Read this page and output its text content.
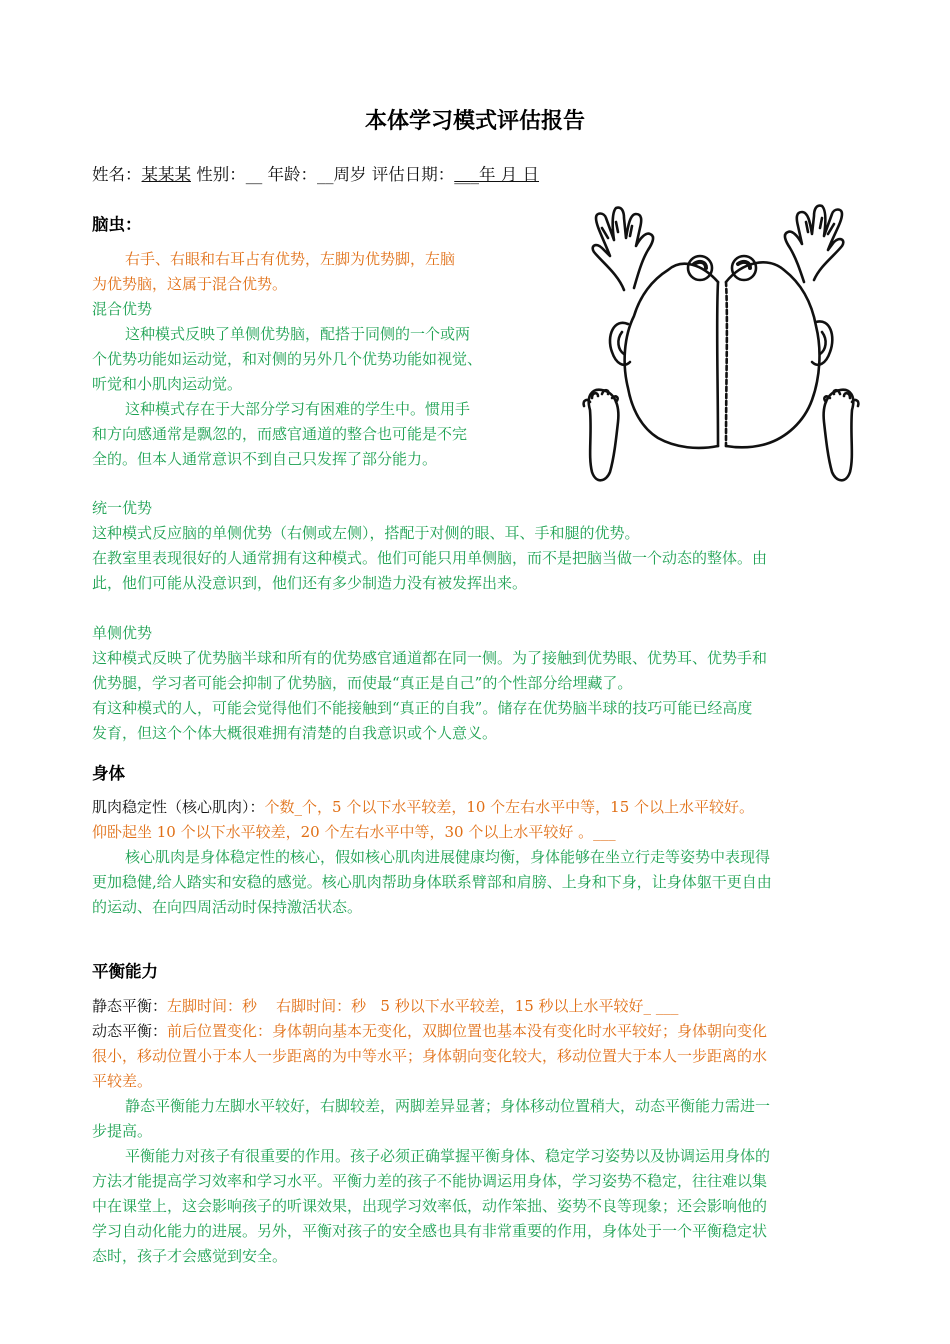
本体学习模式评估报告
姓名：某某某 性别：__ 年龄：__周岁 评估日期：___年 月 日
脑虫：
右手、右眼和右耳占有优势，左脚为优势脚，左脑
为优势脑，这属于混合优势。
混合优势
这种模式反映了单侧优势脑，配搭于同侧的一个或两
个优势功能如运动觉，和对侧的另外几个优势功能如视觉、
听觉和小肌肉运动觉。
这种模式存在于大部分学习有困难的学生中。惯用手
和方向感通常是飘忽的，而感官通道的整合也可能是不完
全的。但本人通常意识不到自己只发挥了部分能力。
统一优势
这种模式反应脑的单侧优势（右侧或左侧），搭配于对侧的眼、耳、手和腿的优势。
在教室里表现很好的人通常拥有这种模式。他们可能只用单侧脑，而不是把脑当做一个动态的整体。由
此，他们可能从没意识到，他们还有多少制造力没有被发挥出来。
单侧优势
这种模式反映了优势脑半球和所有的优势感官通道都在同一侧。为了接触到优势眼、优势耳、优势手和
优势腿，学习者可能会抑制了优势脑，而使最“真正是自己”的个性部分给埋藏了。
有这种模式的人，可能会觉得他们不能接触到“真正的自我”。储存在优势脑半球的技巧可能已经高度
发育，但这个个体大概很难拥有清楚的自我意识或个人意义。
身体
肌肉稳定性（核心肌肉）：个数_个，5 个以下水平较差，10 个左右水平中等，15 个以上水平较好。
仰卧起坐 10 个以下水平较差，20 个左右水平中等，30 个以上水平较好 。___
核心肌肉是身体稳定性的核心，假如核心肌肉进展健康均衡，身体能够在坐立行走等姿势中表现得
更加稳健,给人踏实和安稳的感觉。核心肌肉帮助身体联系臂部和肩膀、上身和下身，让身体躯干更自由
的运动、在向四周活动时保持激活状态。
平衡能力
静态平衡：左脚时间：秒    右脚时间：秒   5 秒以下水平较差，15 秒以上水平较好_ ___
动态平衡：前后位置变化：身体朝向基本无变化，双脚位置也基本没有变化时水平较好；身体朝向变化
很小，移动位置小于本人一步距离的为中等水平；身体朝向变化较大，移动位置大于本人一步距离的水
平较差。
静态平衡能力左脚水平较好，右脚较差，两脚差异显著；身体移动位置稍大，动态平衡能力需进一
步提高。
平衡能力对孩子有很重要的作用。孩子必须正确掌握平衡身体、稳定学习姿势以及协调运用身体的
方法才能提高学习效率和学习水平。平衡力差的孩子不能协调运用身体，学习姿势不稳定，往往难以集
中在课堂上，这会影响孩子的听课效果，出现学习效率低，动作笨拙、姿势不良等现象；还会影响他的
学习自动化能力的进展。另外，平衡对孩子的安全感也具有非常重要的作用，身体处于一个平衡稳定状
态时，孩子才会感觉到安全。
